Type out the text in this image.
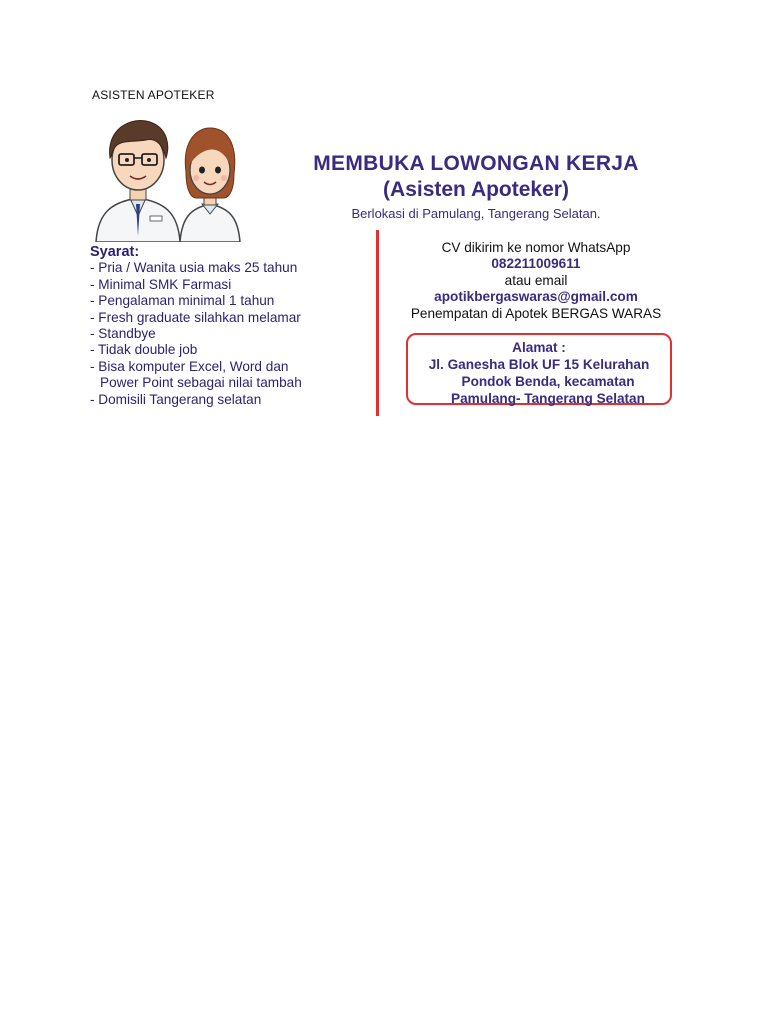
ASISTEN APOTEKER
MEMBUKA LOWONGAN KERJA
(Asisten Apoteker)
Berlokasi di Pamulang, Tangerang Selatan.
Syarat:
- Pria / Wanita usia maks 25 tahun
- Minimal SMK Farmasi
- Pengalaman minimal 1 tahun
- Fresh graduate silahkan melamar
- Standbye
- Tidak double job
- Bisa komputer Excel, Word dan
Power Point sebagai nilai tambah
- Domisili Tangerang selatan
CV dikirim ke nomor WhatsApp
082211009611
atau email
apotikbergaswaras@gmail.com
Penempatan di Apotek BERGAS WARAS
Alamat :
Jl. Ganesha Blok UF 15 Kelurahan
Pondok Benda, kecamatan
Pamulang- Tangerang Selatan
